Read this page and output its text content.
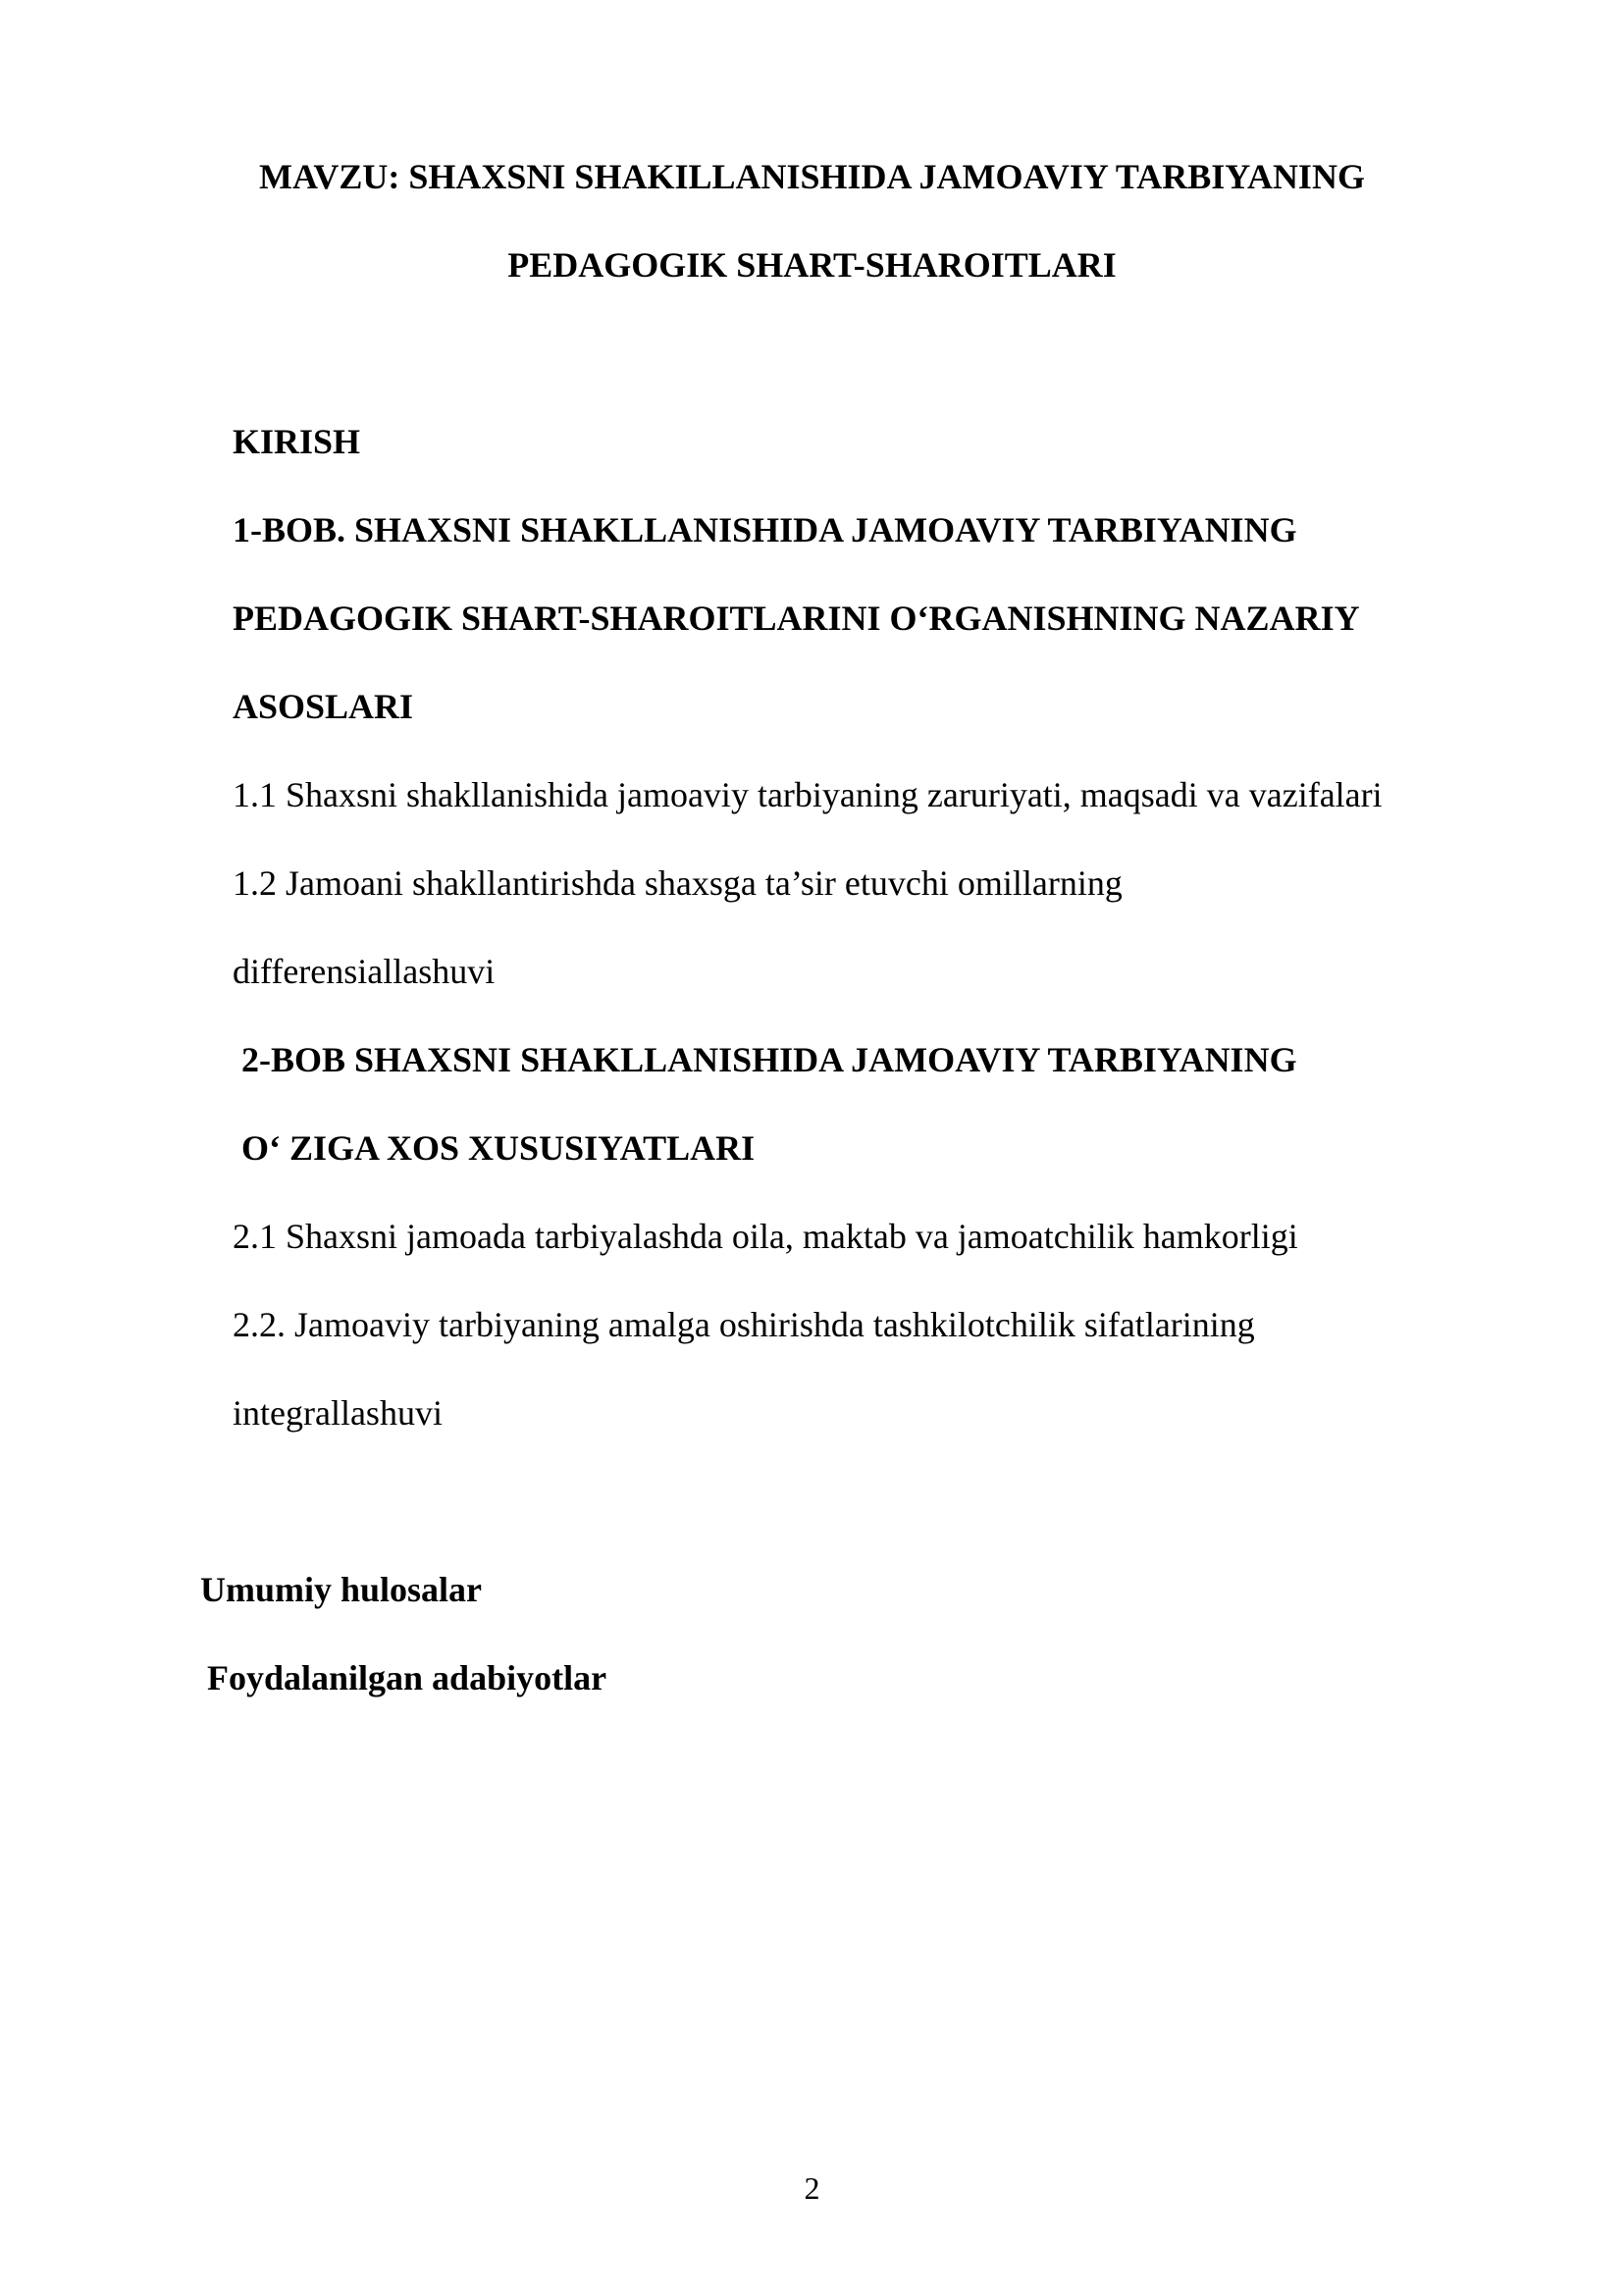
MAVZU: SHAXSNI SHAKILLANISHIDA JAMOAVIY TARBIYANING
PEDAGOGIK SHART-SHAROITLARI
KIRISH
1-BOB. SHAXSNI SHAKLLANISHIDA JAMOAVIY TARBIYANING
PEDAGOGIK SHART-SHAROITLARINI O‘RGANISHNING NAZARIY
ASOSLARI
1.1 Shaxsni shakllanishida jamoaviy tarbiyaning zaruriyati, maqsadi va vazifalari
1.2 Jamoani shakllantirishda shaxsga ta’sir etuvchi omillarning
differensiallashuvi
2-BOB SHAXSNI SHAKLLANISHIDA JAMOAVIY TARBIYANING
O‘ ZIGA XOS XUSUSIYATLARI
2.1 Shaxsni jamoada tarbiyalashda oila, maktab va jamoatchilik hamkorligi
2.2. Jamoaviy tarbiyaning amalga oshirishda tashkilotchilik sifatlarining
integrallashuvi
Umumiy hulosalar
Foydalanilgan adabiyotlar
2
